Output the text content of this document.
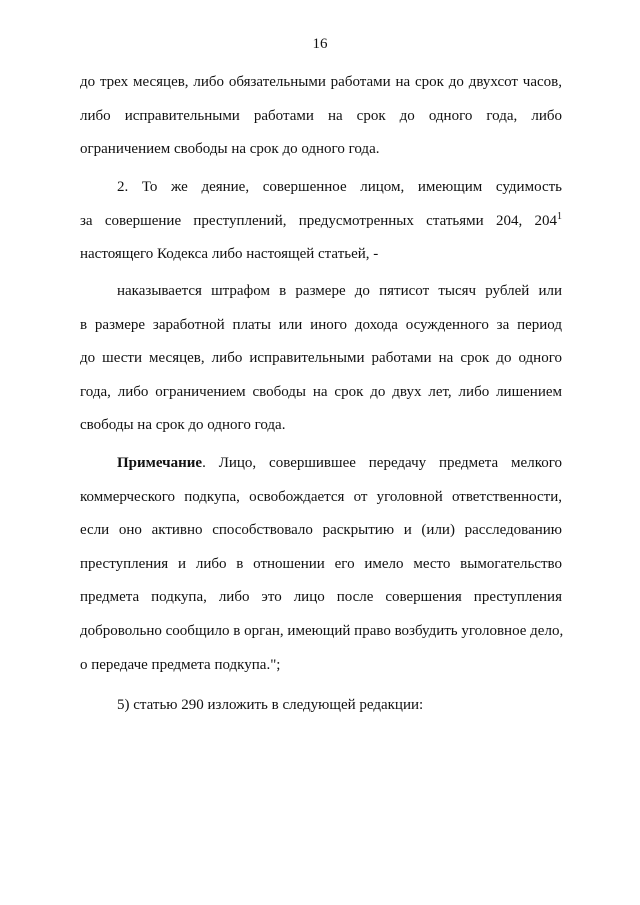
16
до трех месяцев, либо обязательными работами на срок до двухсот часов,
либо исправительными работами на срок до одного года, либо
ограничением свободы на срок до одного года.
2. То же деяние, совершенное лицом, имеющим судимость
за совершение преступлений, предусмотренных статьями 204, $204^1$
настоящего Кодекса либо настоящей статьей, -
наказывается штрафом в размере до пятисот тысяч рублей или
в размере заработной платы или иного дохода осужденного за период
до шести месяцев, либо исправительными работами на срок до одного
года, либо ограничением свободы на срок до двух лет, либо лишением
свободы на срок до одного года.
Примечание. Лицо, совершившее передачу предмета мелкого
коммерческого подкупа, освобождается от уголовной ответственности,
если оно активно способствовало раскрытию и (или) расследованию
преступления и либо в отношении его имело место вымогательство
предмета подкупа, либо это лицо после совершения преступления
добровольно сообщило в орган, имеющий право возбудить уголовное дело,
о передаче предмета подкупа.";
5) статью 290 изложить в следующей редакции:
